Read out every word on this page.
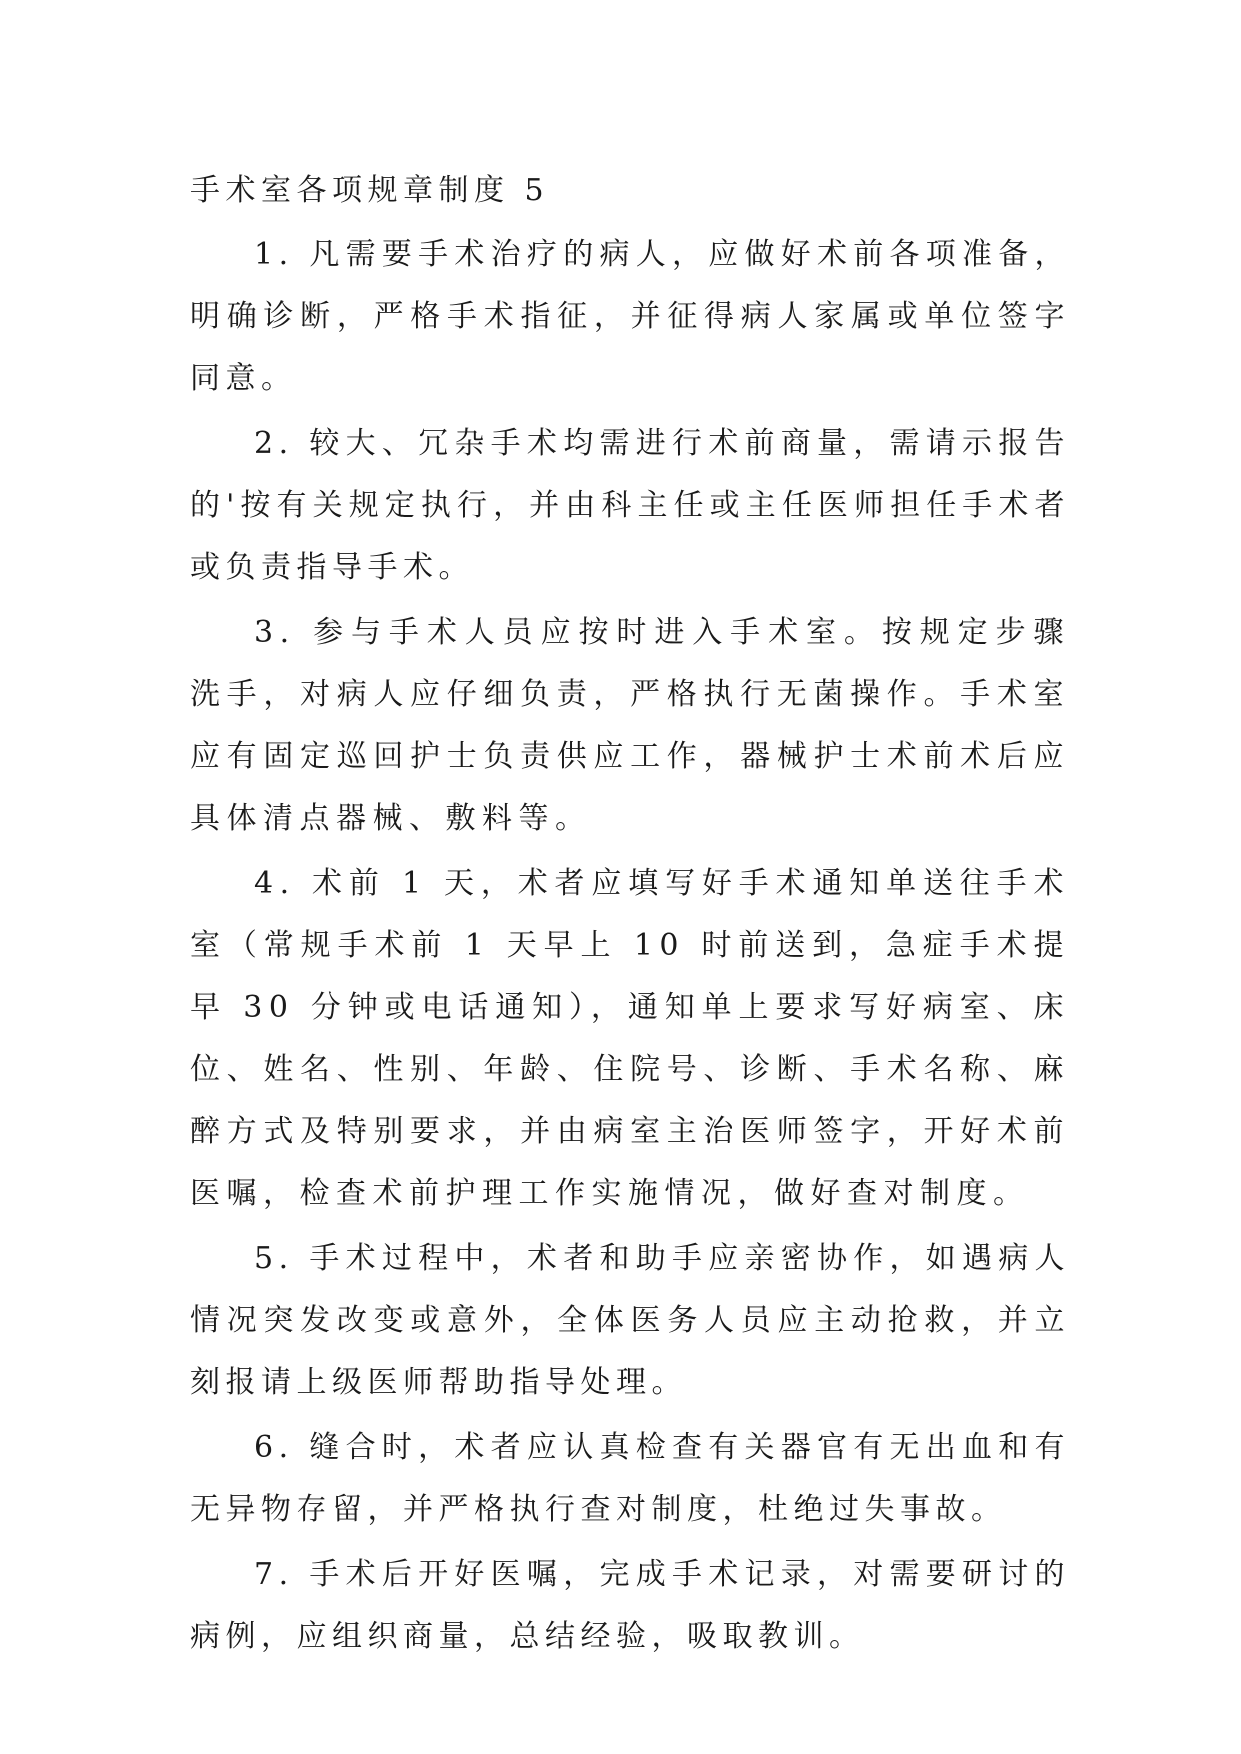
手术室各项规章制度 5

1. 凡需要手术治疗的病人，应做好术前各项准备，明确诊断，严格手术指征，并征得病人家属或单位签字同意。

2. 较大、冗杂手术均需进行术前商量，需请示报告的'按有关规定执行，并由科主任或主任医师担任手术者或负责指导手术。

3. 参与手术人员应按时进入手术室。按规定步骤洗手，对病人应仔细负责，严格执行无菌操作。手术室应有固定巡回护士负责供应工作，器械护士术前术后应具体清点器械、敷料等。

4. 术前 1 天，术者应填写好手术通知单送往手术室（常规手术前 1 天早上 10 时前送到，急症手术提早 30 分钟或电话通知），通知单上要求写好病室、床位、姓名、性别、年龄、住院号、诊断、手术名称、麻醉方式及特别要求，并由病室主治医师签字，开好术前医嘱，检查术前护理工作实施情况，做好查对制度。

5. 手术过程中，术者和助手应亲密协作，如遇病人情况突发改变或意外，全体医务人员应主动抢救，并立刻报请上级医师帮助指导处理。

6. 缝合时，术者应认真检查有关器官有无出血和有无异物存留，并严格执行查对制度，杜绝过失事故。

7. 手术后开好医嘱，完成手术记录，对需要研讨的病例，应组织商量，总结经验，吸取教训。
